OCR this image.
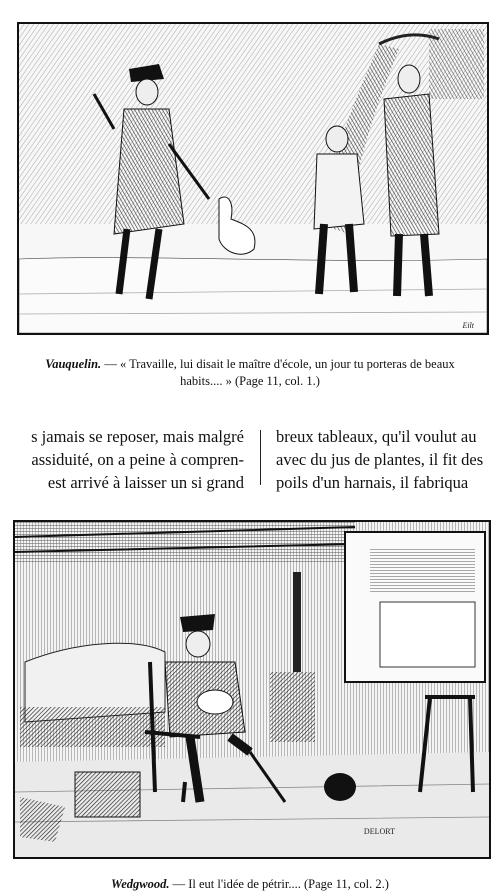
Eilt
Vauquelin. — « Travaille, lui disait le maître d'école, un jour tu porteras de beaux
habits.... » (Page 11, col. 1.)
s jamais se reposer, mais malgré
assiduité, on a peine à compren-
est arrivé à laisser un si grand
breux tableaux, qu'il voulut au
avec du jus de plantes, il fit des
poils d'un harnais, il fabriqua
DELORT
Wedgwood. — Il eut l'idée de pétrir.... (Page 11, col. 2.)
